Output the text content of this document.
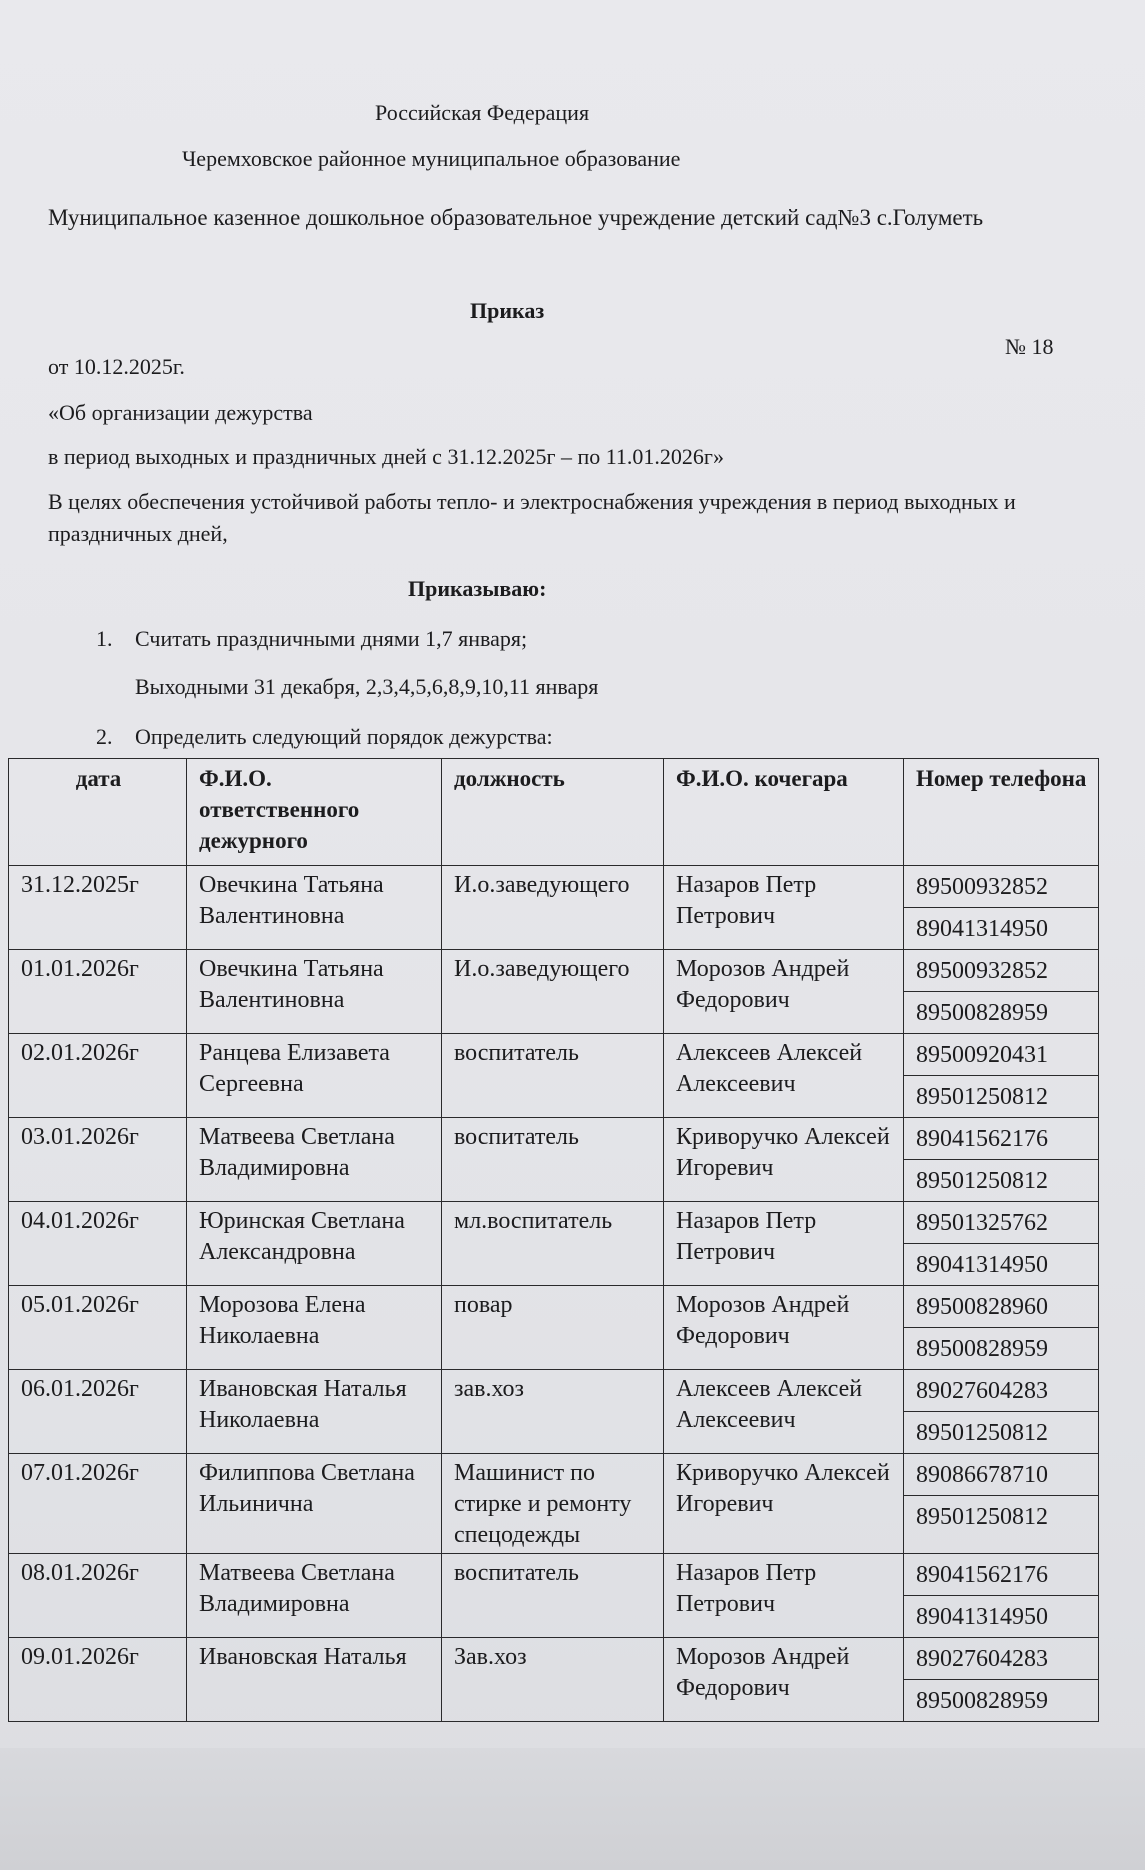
Российская Федерация
Черемховское районное муниципальное образование
Муниципальное казенное дошкольное образовательное учреждение детский сад№3 с.Голуметь
Приказ
от 10.12.2025г.
№ 18
«Об организации дежурства
в период выходных и праздничных дней с 31.12.2025г – по 11.01.2026г»
В целях обеспечения устойчивой работы тепло- и электроснабжения учреждения в период выходных и праздничных дней,
Приказываю:
1. Считать праздничными днями 1,7 января;
Выходными 31 декабря, 2,3,4,5,6,8,9,10,11 января
2. Определить следующий порядок дежурства:
дата	Ф.И.О. ответственного дежурного	должность	Ф.И.О. кочегара	Номер телефона
31.12.2025г	Овечкина Татьяна Валентиновна	И.о.заведующего	Назаров Петр Петрович	89500932852
89041314950

01.01.2026г	Овечкина Татьяна Валентиновна	И.о.заведующего	Морозов Андрей Федорович	89500932852
89500828959

02.01.2026г	Ранцева Елизавета Сергеевна	воспитатель	Алексеев Алексей Алексеевич	89500920431
89501250812

03.01.2026г	Матвеева Светлана Владимировна	воспитатель	Криворучко Алексей Игоревич	89041562176
89501250812

04.01.2026г	Юринская Светлана Александровна	мл.воспитатель	Назаров Петр Петрович	89501325762
89041314950

05.01.2026г	Морозова Елена Николаевна	повар	Морозов Андрей Федорович	89500828960
89500828959

06.01.2026г	Ивановская Наталья Николаевна	зав.хоз	Алексеев Алексей Алексеевич	89027604283
89501250812

07.01.2026г	Филиппова Светлана Ильинична	Машинист по стирке и ремонту спецодежды	Криворучко Алексей Игоревич	89086678710
89501250812

08.01.2026г	Матвеева Светлана Владимировна	воспитатель	Назаров Петр Петрович	89041562176
89041314950

09.01.2026г	Ивановская Наталья	Зав.хоз	Морозов Андрей Федорович	89027604283
89500828959
